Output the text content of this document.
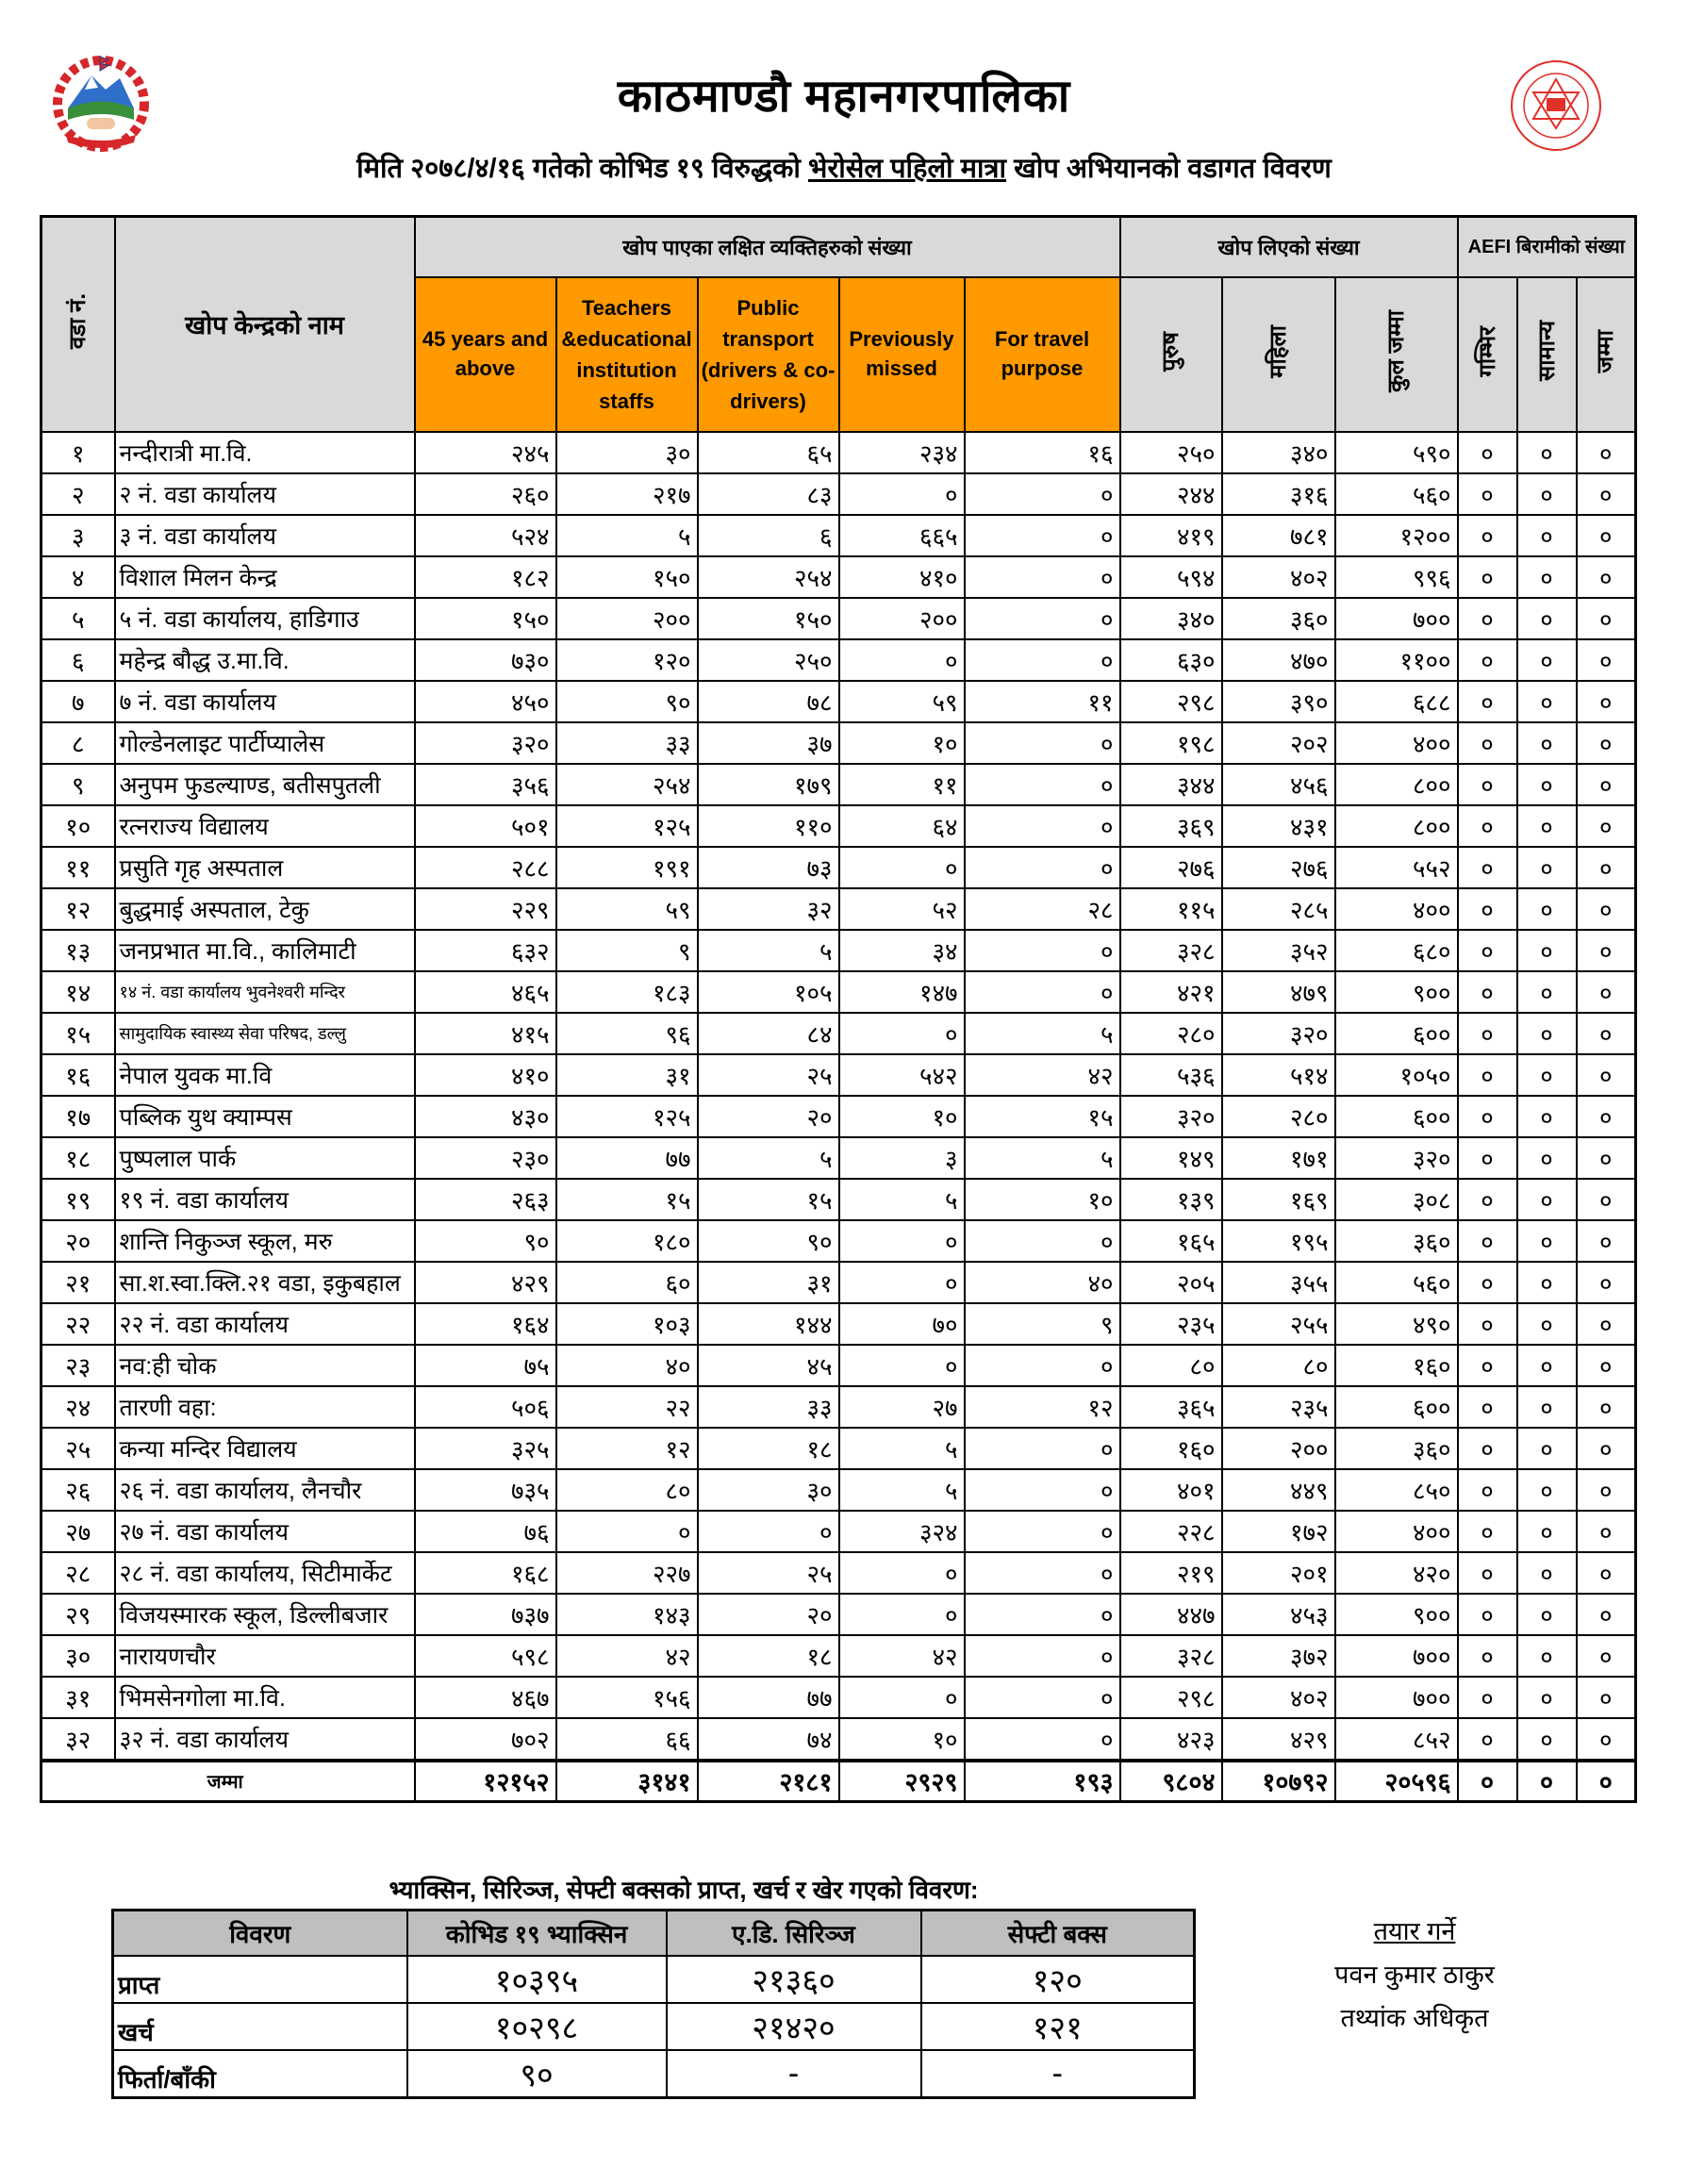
काठमाण्डौ महानगरपालिका
मिति २०७८/४/१६ गतेको कोभिड १९ विरुद्धको भेरोसेल पहिलो मात्रा खोप अभियानको वडागत विवरण
वडा नं.	खोप केन्द्रको नाम	खोप पाएका लक्षित व्यक्तिहरुको संख्या					खोप लिएको संख्या			AEFI बिरामीको संख्या		
		45 years and above	Teachers &educational institution staffs	Public transport (drivers & co-drivers)	Previously missed	For travel purpose	पुरुष	महिला	कुल जम्मा	गम्भिर	सामान्य	जम्मा
१	नन्दीरात्री मा.वि.	२४५	३०	६५	२३४	१६	२५०	३४०	५९०	०	०	०
२	२ नं. वडा कार्यालय	२६०	२१७	८३	०	०	२४४	३१६	५६०	०	०	०
३	३ नं. वडा कार्यालय	५२४	५	६	६६५	०	४१९	७८१	१२००	०	०	०
४	विशाल मिलन केन्द्र	१८२	१५०	२५४	४१०	०	५९४	४०२	९९६	०	०	०
५	५ नं. वडा कार्यालय, हाडिगाउ	१५०	२००	१५०	२००	०	३४०	३६०	७००	०	०	०
६	महेन्द्र बौद्ध उ.मा.वि.	७३०	१२०	२५०	०	०	६३०	४७०	११००	०	०	०
७	७ नं. वडा कार्यालय	४५०	९०	७८	५९	११	२९८	३९०	६८८	०	०	०
८	गोल्डेनलाइट पार्टीप्यालेस	३२०	३३	३७	१०	०	१९८	२०२	४००	०	०	०
९	अनुपम फुडल्याण्ड, बतीसपुतली	३५६	२५४	१७९	११	०	३४४	४५६	८००	०	०	०
१०	रत्नराज्य विद्यालय	५०१	१२५	११०	६४	०	३६९	४३१	८००	०	०	०
११	प्रसुति गृह अस्पताल	२८८	१९१	७३	०	०	२७६	२७६	५५२	०	०	०
१२	बुद्धमाई अस्पताल, टेकु	२२९	५९	३२	५२	२८	११५	२८५	४००	०	०	०
१३	जनप्रभात मा.वि., कालिमाटी	६३२	९	५	३४	०	३२८	३५२	६८०	०	०	०
१४	१४ नं. वडा कार्यालय भुवनेश्वरी मन्दिर	४६५	१८३	१०५	१४७	०	४२१	४७९	९००	०	०	०
१५	सामुदायिक स्वास्थ्य सेवा परिषद, डल्लु	४१५	९६	८४	०	५	२८०	३२०	६००	०	०	०
१६	नेपाल युवक मा.वि	४१०	३१	२५	५४२	४२	५३६	५१४	१०५०	०	०	०
१७	पब्लिक युथ क्याम्पस	४३०	१२५	२०	१०	१५	३२०	२८०	६००	०	०	०
१८	पुष्पलाल पार्क	२३०	७७	५	३	५	१४९	१७१	३२०	०	०	०
१९	१९ नं. वडा कार्यालय	२६३	१५	१५	५	१०	१३९	१६९	३०८	०	०	०
२०	शान्ति निकुञ्ज स्कूल, मरु	९०	१८०	९०	०	०	१६५	१९५	३६०	०	०	०
२१	सा.श.स्वा.क्लि.२१ वडा, इकुबहाल	४२९	६०	३१	०	४०	२०५	३५५	५६०	०	०	०
२२	२२ नं. वडा कार्यालय	१६४	१०३	१४४	७०	९	२३५	२५५	४९०	०	०	०
२३	नव:ही चोक	७५	४०	४५	०	०	८०	८०	१६०	०	०	०
२४	तारणी वहा:	५०६	२२	३३	२७	१२	३६५	२३५	६००	०	०	०
२५	कन्या मन्दिर विद्यालय	३२५	१२	१८	५	०	१६०	२००	३६०	०	०	०
२६	२६ नं. वडा कार्यालय, लैनचौर	७३५	८०	३०	५	०	४०१	४४९	८५०	०	०	०
२७	२७ नं. वडा कार्यालय	७६	०	०	३२४	०	२२८	१७२	४००	०	०	०
२८	२८ नं. वडा कार्यालय, सिटीमार्केट	१६८	२२७	२५	०	०	२१९	२०१	४२०	०	०	०
२९	विजयस्मारक स्कूल, डिल्लीबजार	७३७	१४३	२०	०	०	४४७	४५३	९००	०	०	०
३०	नारायणचौर	५९८	४२	१८	४२	०	३२८	३७२	७००	०	०	०
३१	भिमसेनगोला मा.वि.	४६७	१५६	७७	०	०	२९८	४०२	७००	०	०	०
३२	३२ नं. वडा कार्यालय	७०२	६६	७४	१०	०	४२३	४२९	८५२	०	०	०
जम्मा		१२१५२	३१४१	२१८१	२९२९	१९३	९८०४	१०७९२	२०५९६	०	०	०
भ्याक्सिन, सिरिञ्ज, सेफ्टी बक्सको प्राप्त, खर्च र खेर गएको विवरण:
विवरण	कोभिड १९ भ्याक्सिन	ए.डि. सिरिञ्ज	सेफ्टी बक्स
प्राप्त	१०३९५	२१३६०	१२०
खर्च	१०२९८	२१४२०	१२१
फिर्ता/बाँकी	९०	-	-
तयार गर्ने
पवन कुमार ठाकुर
तथ्यांक अधिकृत
